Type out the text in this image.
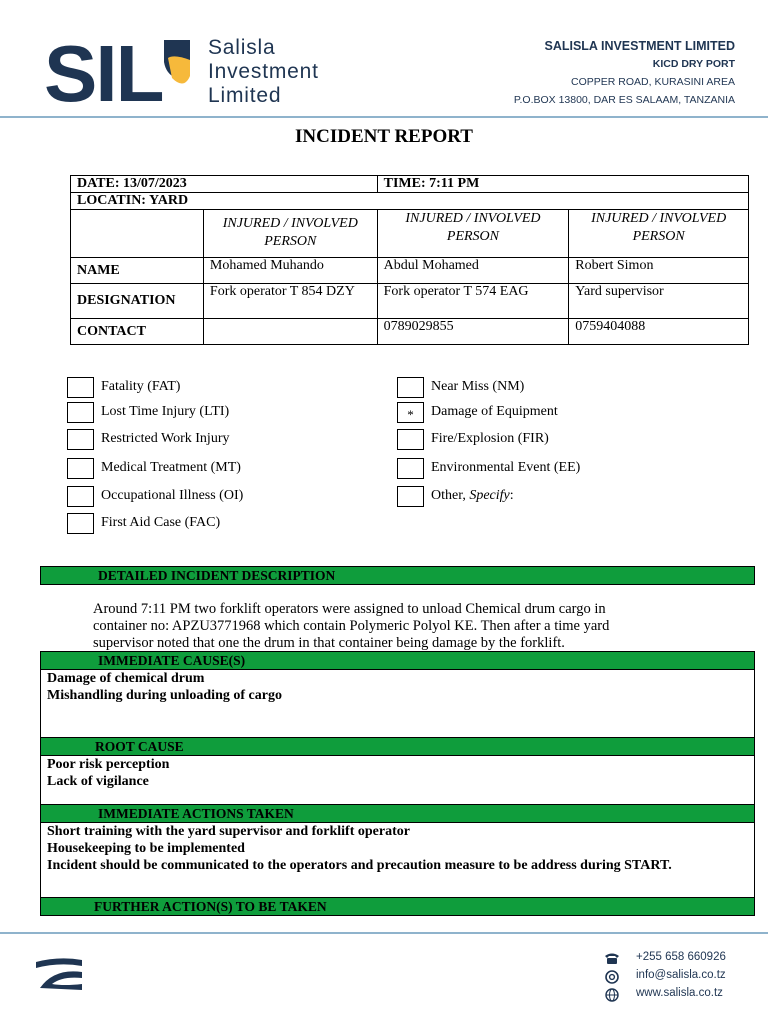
SIL Salisla
Investment
Limited
SALISLA INVESTMENT LIMITED
KICD DRY PORT
COPPER ROAD, KURASINI AREA
P.O.BOX 13800, DAR ES SALAAM, TANZANIA
INCIDENT REPORT
DATE: 13/07/2023		TIME: 7:11 PM	
LOCATIN: YARD			
	INJURED / INVOLVED PERSON	INJURED / INVOLVED PERSON	INJURED / INVOLVED PERSON
NAME	Mohamed Muhando	Abdul Mohamed	Robert Simon
DESIGNATION	Fork operator T 854 DZY	Fork operator T 574 EAG	Yard supervisor
CONTACT		0789029855	0759404088
Fatality (FAT)
Lost Time Injury (LTI)
Restricted Work Injury
Medical Treatment (MT)
Occupational Illness (OI)
First Aid Case (FAC)
Near Miss (NM)
*	Damage of Equipment
Fire/Explosion (FIR)
Environmental Event (EE)
Other, Specify:
DETAILED INCIDENT DESCRIPTION
Around 7:11 PM two forklift operators were assigned to unload Chemical drum cargo in
container no: APZU3771968 which contain Polymeric Polyol KE. Then after a time yard
supervisor noted that one the drum in that container being damage by the forklift.
IMMEDIATE CAUSE(S)
Damage of chemical drum
Mishandling during unloading of cargo
ROOT CAUSE
Poor risk perception
Lack of vigilance
IMMEDIATE ACTIONS TAKEN
Short training with the yard supervisor and forklift operator
Housekeeping to be implemented
Incident should be communicated to the operators and precaution measure to be address during START.
FURTHER ACTION(S) TO BE TAKEN
+255 658 660926
info@salisla.co.tz
www.salisla.co.tz
